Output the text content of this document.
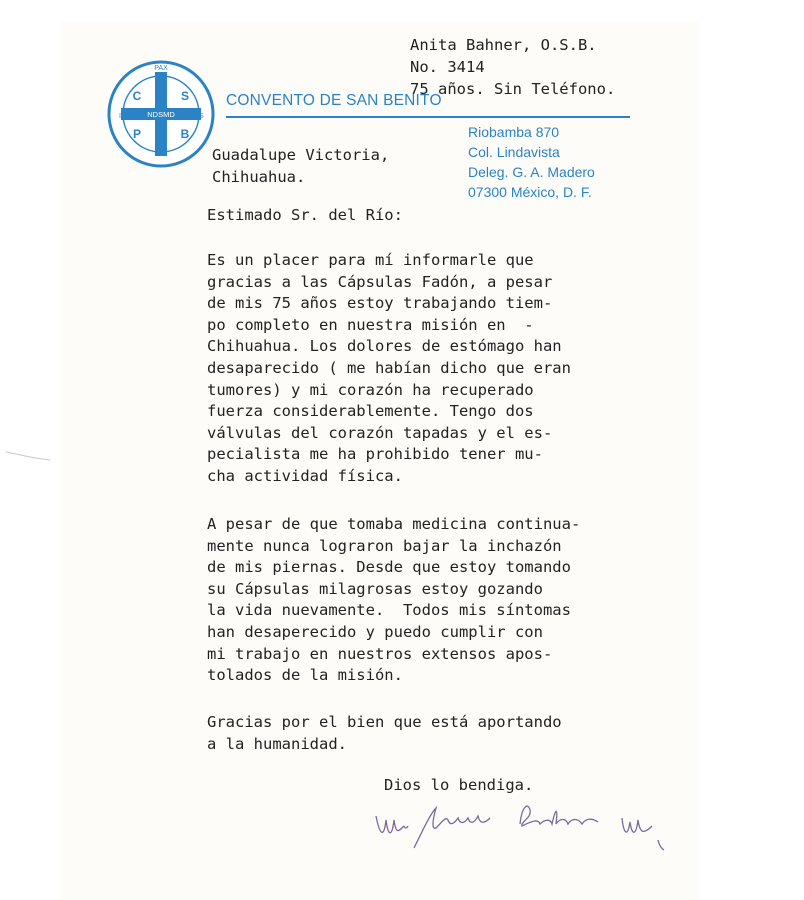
PAX
C	S
NDSMD
P	B
I	S
CONVENTO DE SAN BENITO
Riobamba 870
Col. Lindavista
Deleg. G. A. Madero
07300 México, D. F.
Anita Bahner, O.S.B.
No. 3414
75 años. Sin Teléfono.
Guadalupe Victoria,
Chihuahua.
Estimado Sr. del Río:
Es un placer para mí informarle que
gracias a las Cápsulas Fadón, a pesar
de mis 75 años estoy trabajando tiem-
po completo en nuestra misión en  -
Chihuahua. Los dolores de estómago han
desaparecido ( me habían dicho que eran
tumores) y mi corazón ha recuperado
fuerza considerablemente. Tengo dos
válvulas del corazón tapadas y el es-
pecialista me ha prohibido tener mu-
cha actividad física.
A pesar de que tomaba medicina continua-
mente nunca lograron bajar la inchazón
de mis piernas. Desde que estoy tomando
su Cápsulas milagrosas estoy gozando
la vida nuevamente.  Todos mis síntomas
han desaperecido y puedo cumplir con
mi trabajo en nuestros extensos apos-
tolados de la misión.
Gracias por el bien que está aportando
a la humanidad.
Dios lo bendiga.
